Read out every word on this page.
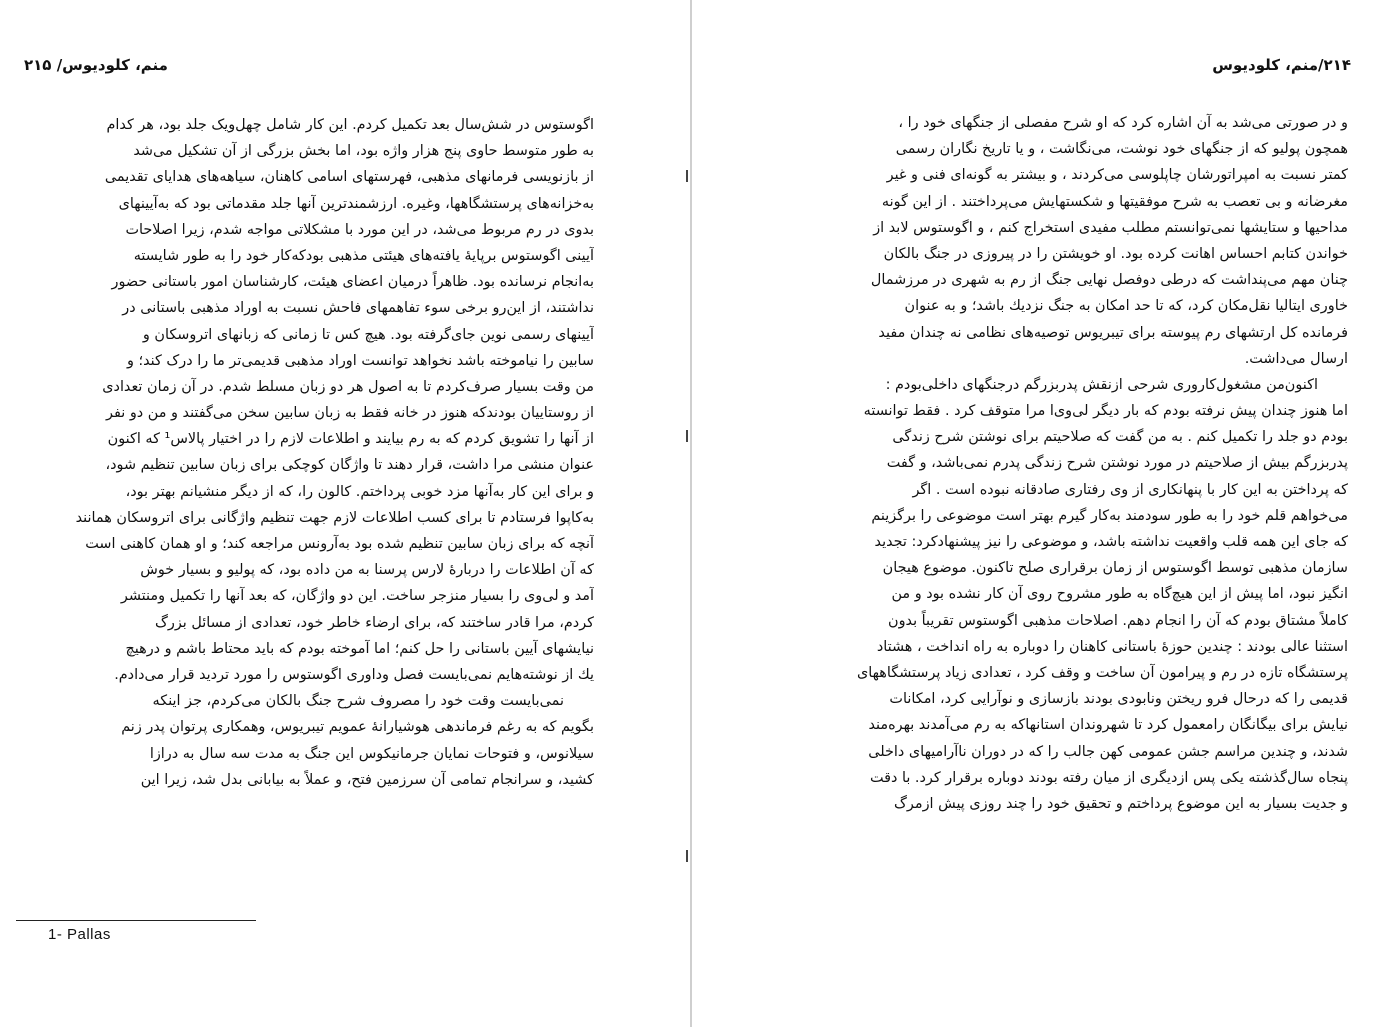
منم، کلودیوس/ ۲۱۵
اگوستوس در شش‌سال بعد تکمیل کردم. این کار شامل چهل‌ویک جلد بود، هر کدام
به طور متوسط حاوی پنج هزار واژه بود، اما بخش بزرگی از آن تشکیل می‌شد
از بازنویسی فرمانهای مذهبی، فهرستهای اسامی کاهنان، سیاهه‌های هدایای تقدیمی
به‌خزانه‌های پرستشگاهها، وغیره. ارزشمندترین آنها جلد مقدماتی بود که به‌آیینهای
بدوی در رم مربوط می‌شد، در این مورد با مشکلاتی مواجه شدم، زیرا اصلاحات
آیینی اگوستوس برپایهٔ یافته‌های هیئتی مذهبی بودکه‌کار خود را به طور شایسته
به‌انجام نرسانده بود. ظاهراً درمیان اعضای هیئت، کارشناسان امور باستانی حضور
نداشتند، از این‌رو برخی سوء تفاهمهای فاحش نسبت به اوراد مذهبی باستانی در
آیینهای رسمی نوین جای‌گرفته بود. هیچ کس تا زمانی که زبانهای اتروسکان و
سابین را نیاموخته باشد نخواهد توانست اوراد مذهبی قدیمی‌تر ما را درک کند؛ و
من وقت بسیار صرف‌کردم تا به اصول هر دو زبان مسلط شدم. در آن زمان تعدادی
از روستاییان بودندکه هنوز در خانه فقط به زبان سابین سخن می‌گفتند و من دو نفر
از آنها را تشویق کردم که به رم بیایند و اطلاعات لازم را در اختیار پالاس¹ که اکنون
عنوان منشی مرا داشت، قرار دهند تا واژگان کوچکی برای زبان سابین تنظیم شود،
و برای این کار به‌آنها مزد خوبی پرداختم. کالون را، که از دیگر منشیانم بهتر بود،
به‌کاپوا فرستادم تا برای کسب اطلاعات لازم جهت تنظیم واژگانی برای اتروسکان همانند
آنچه که برای زبان سابین تنظیم شده بود به‌آرونس مراجعه کند؛ و او همان کاهنی است
که آن اطلاعات را دربارهٔ لارس پرسنا به من داده بود، که پولیو و بسیار خوش
آمد و لی‌وی را بسیار منزجر ساخت. این دو واژگان، که بعد آنها را تکمیل ومنتشر
کردم، مرا قادر ساختند که، برای ارضاء خاطر خود، تعدادی از مسائل بزرگ
نیایشهای آیین باستانی را حل کنم؛ اما آموخته بودم که باید محتاط باشم و درهیچ
یك از نوشته‌هایم نمی‌بایست فصل وداوری اگوستوس را مورد تردید قرار می‌دادم.
نمی‌بایست وقت خود را مصروف شرح جنگ بالکان می‌کردم، جز اینکه
بگویم که به رغم فرماندهی هوشیارانهٔ عمویم تیبریوس، وهمکاری پرتوان پدر زنم
سیلانوس، و فتوحات نمایان جرمانیکوس این جنگ به مدت سه سال به درازا
کشید، و سرانجام تمامی آن سرزمین فتح، و عملاً به بیابانی بدل شد، زیرا این
1- Pallas
۲۱۴/منم، کلودیوس
و در صورتی می‌شد به آن اشاره کرد که او شرح مفصلی از جنگهای خود را ،
همچون پولیو که از جنگهای خود نوشت، می‌نگاشت ، و یا تاریخ نگاران رسمی
کمتر نسبت به امپراتورشان چاپلوسی می‌کردند ، و بیشتر به گونه‌ای فنی و غیر
مغرضانه و بی تعصب به شرح موفقیتها و شکستهایش می‌پرداختند . از این گونه
مداحیها و ستایشها نمی‌توانستم مطلب مفیدی استخراج کنم ، و اگوستوس لابد از
خواندن کتابم احساس اهانت کرده بود. او خویشتن را در پیروزی در جنگ بالکان
چنان مهم می‌پنداشت که درطی دوفصل نهایی جنگ از رم به شهری در مرزشمال
خاوری ایتالیا نقل‌مکان کرد، که تا حد امکان به جنگ نزدیك باشد؛ و به عنوان
فرمانده کل ارتشهای رم پیوسته برای تیبریوس توصیه‌های نظامی نه چندان مفید
ارسال می‌داشت.
اکنون‌من مشغول‌کاروری شرحی ازنقش پدربزرگم درجنگهای داخلی‌بودم :
اما هنوز چندان پیش نرفته بودم که بار دیگر لی‌وی‌ا مرا متوقف کرد . فقط توانسته
بودم دو جلد را تکمیل کنم . به من گفت که صلاحیتم برای نوشتن شرح زندگی
پدربزرگم بیش از صلاحیتم در مورد نوشتن شرح زندگی پدرم نمی‌باشد، و گفت
که پرداختن به این کار با پنهانکاری از وی رفتاری صادقانه نبوده است . اگر
می‌خواهم قلم خود را به طور سودمند به‌کار گیرم بهتر است موضوعی را برگزینم
که جای این همه قلب واقعیت نداشته باشد، و موضوعی را نیز پیشنهادکرد: تجدید
سازمان مذهبی توسط اگوستوس از زمان برقراری صلح تاکنون. موضوع هیجان
انگیز نبود، اما پیش از این هیچ‌گاه به طور مشروح روی آن کار نشده بود و من
کاملاً مشتاق بودم که آن را انجام دهم. اصلاحات مذهبی اگوستوس تقریباً بدون
استثنا عالی بودند : چندین حوزهٔ باستانی کاهنان را دوباره به راه انداخت ، هشتاد
پرستشگاه تازه در رم و پیرامون آن ساخت و وقف کرد ، تعدادی زیاد پرستشگاههای
قدیمی را که درحال فرو ریختن ونابودی بودند بازسازی و نوآرایی کرد، امکانات
نیایش برای بیگانگان رامعمول کرد تا شهروندان استانهاکه به رم می‌آمدند بهره‌مند
شدند، و چندین مراسم جشن عمومی کهن جالب را که در دوران ناآرامیهای داخلی
پنجاه سال‌گذشته یکی پس ازدیگری از میان رفته بودند دوباره برقرار کرد. با دقت
و جدیت بسیار به این موضوع پرداختم و تحقیق خود را چند روزی پیش ازمرگ
